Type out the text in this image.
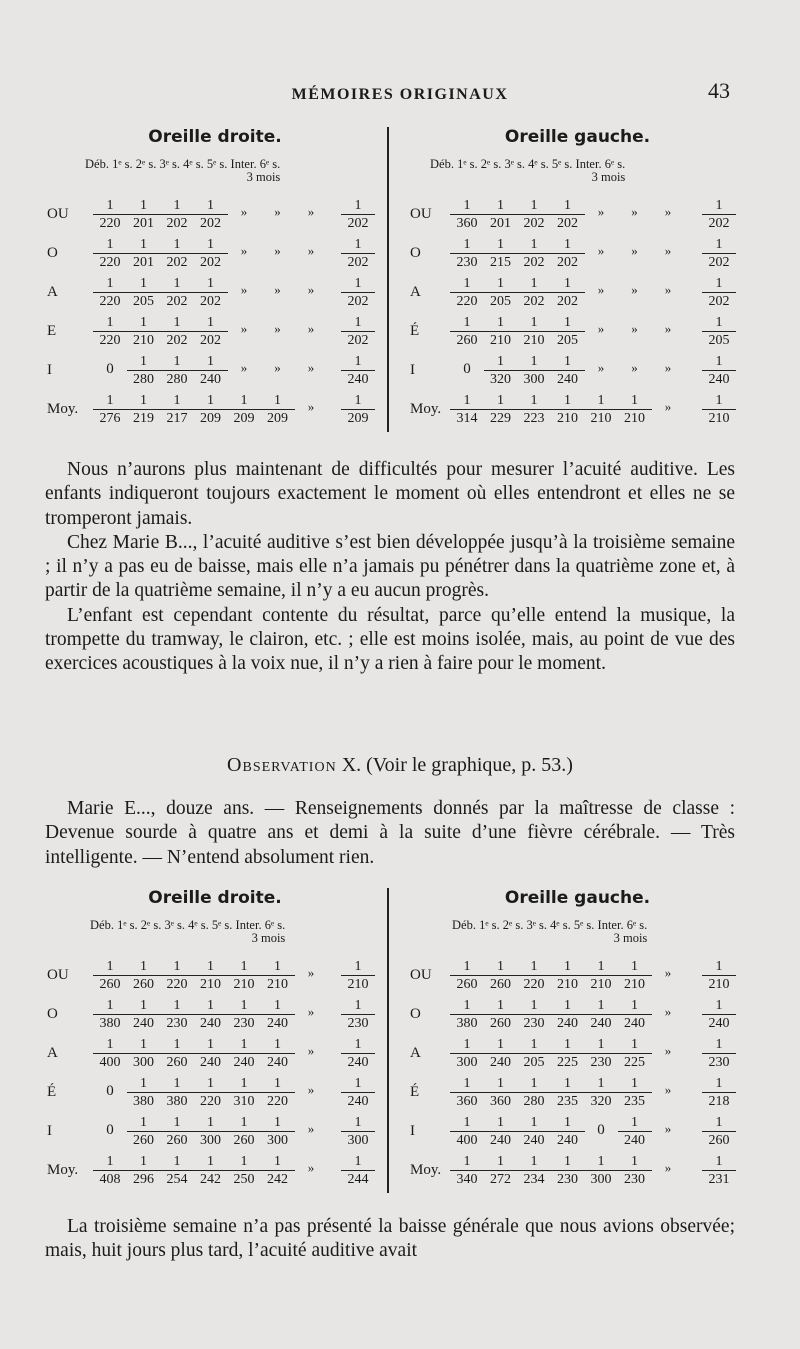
MÉMOIRES ORIGINAUX	43
Oreille droite.
Déb. 1ᵉ s. 2ᵉ s. 3ᵉ s. 4ᵉ s. 5ᵉ s. Inter. 6ᵉ s.
3 mois
OU $\frac{1}{220} \frac{1}{201} \frac{1}{202} \frac{1}{202}$	»	»	»	$\frac{1}{202}$
O	$\frac{1}{220} \frac{1}{201} \frac{1}{202} \frac{1}{202}$	»	»	»	$\frac{1}{202}$
A	$\frac{1}{220} \frac{1}{205} \frac{1}{202} \frac{1}{202}$	»	»	»	$\frac{1}{202}$
E	$\frac{1}{220} \frac{1}{210} \frac{1}{202} \frac{1}{202}$	»	»	»	$\frac{1}{202}$
I	$0 \frac{1}{280} \frac{1}{280} \frac{1}{240}$	»	»	»	$\frac{1}{240}$
Moy. $\frac{1}{276} \frac{1}{219} \frac{1}{217} \frac{1}{209} \frac{1}{209} \frac{1}{209}$	»	$\frac{1}{209}$
Oreille gauche.
Déb. 1ᵉ s. 2ᵉ s. 3ᵉ s. 4ᵉ s. 5ᵉ s. Inter. 6ᵉ s.
3 mois
OU $\frac{1}{360} \frac{1}{201} \frac{1}{202} \frac{1}{202}$	»	»	»	$\frac{1}{202}$
O $\frac{1}{230} \frac{1}{215} \frac{1}{202} \frac{1}{202}$	»	»	»	$\frac{1}{202}$
A $\frac{1}{220} \frac{1}{205} \frac{1}{202} \frac{1}{202}$	»	»	»	$\frac{1}{202}$
É $\frac{1}{260} \frac{1}{210} \frac{1}{210} \frac{1}{205}$	»	»	»	$\frac{1}{205}$
I	$0 \frac{1}{320} \frac{1}{300} \frac{1}{240}$	»	»	»	$\frac{1}{240}$
Moy. $\frac{1}{314} \frac{1}{229} \frac{1}{223} \frac{1}{210} \frac{1}{210} \frac{1}{210}$	»	$\frac{1}{210}$

Nous n’aurons plus maintenant de difficultés pour mesurer l’acuité auditive. Les enfants indiqueront toujours exactement le moment où elles entendront et elles ne se tromperont jamais.

Chez Marie B..., l’acuité auditive s’est bien développée jusqu’à la troisième semaine ; il n’y a pas eu de baisse, mais elle n’a jamais pu pénétrer dans la quatrième zone et, à partir de la quatrième semaine, il n’y a eu aucun progrès.

L’enfant est cependant contente du résultat, parce qu’elle entend la musique, la trompette du tramway, le clairon, etc. ; elle est moins isolée, mais, au point de vue des exercices acoustiques à la voix nue, il n’y a rien à faire pour le moment.

Observation X. (Voir le graphique, p. 53.)

Marie E..., douze ans. — Renseignements donnés par la maîtresse de classe : Devenue sourde à quatre ans et demi à la suite d’une fièvre cérébrale. — Très intelligente. — N’entend absolument rien.

Oreille droite.
Déb. 1ᵉ s. 2ᵉ s. 3ᵉ s. 4ᵉ s. 5ᵉ s. Inter. 6ᵉ s.
3 mois
OU $\frac{1}{260} \frac{1}{260} \frac{1}{220} \frac{1}{210} \frac{1}{210} \frac{1}{210}$	»	$\frac{1}{210}$
O	$\frac{1}{380} \frac{1}{240} \frac{1}{230} \frac{1}{240} \frac{1}{230} \frac{1}{240}$	»	$\frac{1}{230}$
A	$\frac{1}{400} \frac{1}{300} \frac{1}{260} \frac{1}{240} \frac{1}{240} \frac{1}{240}$	»	$\frac{1}{240}$
É	$0 \frac{1}{380} \frac{1}{380} \frac{1}{220} \frac{1}{310} \frac{1}{220}$	»	$\frac{1}{240}$
I	$0 \frac{1}{260} \frac{1}{260} \frac{1}{300} \frac{1}{260} \frac{1}{300}$	»	$\frac{1}{300}$
Moy. $\frac{1}{408} \frac{1}{296} \frac{1}{254} \frac{1}{242} \frac{1}{250} \frac{1}{242}$	»	$\frac{1}{244}$
Oreille gauche.
Déb. 1ᵉ s. 2ᵉ s. 3ᵉ s. 4ᵉ s. 5ᵉ s. Inter. 6ᵉ s.
3 mois
OU $\frac{1}{260} \frac{1}{260} \frac{1}{220} \frac{1}{210} \frac{1}{210} \frac{1}{210}$	»	$\frac{1}{210}$
O $\frac{1}{380} \frac{1}{260} \frac{1}{230} \frac{1}{240} \frac{1}{240} \frac{1}{240}$	»	$\frac{1}{240}$
A $\frac{1}{300} \frac{1}{240} \frac{1}{205} \frac{1}{225} \frac{1}{230} \frac{1}{225}$	»	$\frac{1}{230}$
É $\frac{1}{360} \frac{1}{360} \frac{1}{280} \frac{1}{235} \frac{1}{320} \frac{1}{235}$	»	$\frac{1}{218}$
I	$\frac{1}{400} \frac{1}{240} \frac{1}{240} \frac{1}{240} 0 \frac{1}{240}$	»	$\frac{1}{260}$
Moy. $\frac{1}{340} \frac{1}{272} \frac{1}{234} \frac{1}{230} \frac{1}{300} \frac{1}{230}$	»	$\frac{1}{231}$

La troisième semaine n’a pas présenté la baisse générale que nous avions observée; mais, huit jours plus tard, l’acuité auditive avait
